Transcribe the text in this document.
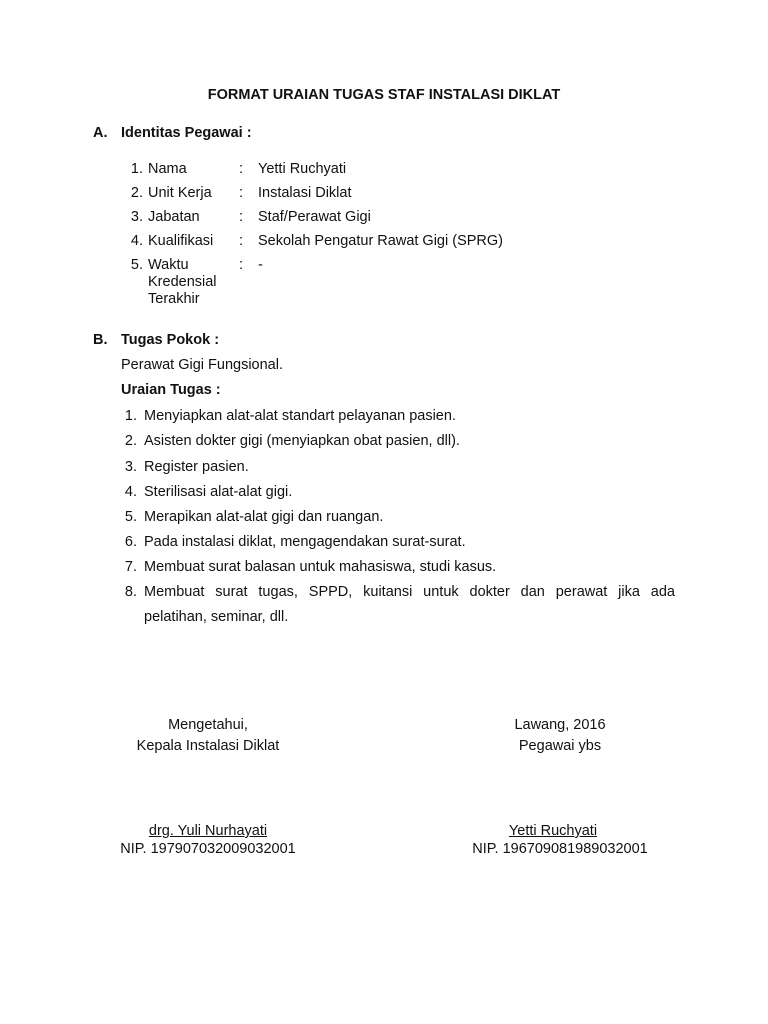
FORMAT URAIAN TUGAS STAF INSTALASI DIKLAT
A. Identitas Pegawai :
1. Nama	: Yetti Ruchyati
2. Unit Kerja : Instalasi Diklat
3. Jabatan	: Staf/Perawat Gigi
4. Kualifikasi : Sekolah Pengatur Rawat Gigi (SPRG)
5. Waktu
Kredensial
Terakhir
: -
B. Tugas Pokok :
Perawat Gigi Fungsional.
Uraian Tugas :
1. Menyiapkan alat-alat standart pelayanan pasien.
2. Asisten dokter gigi (menyiapkan obat pasien, dll).
3. Register pasien.
4. Sterilisasi alat-alat gigi.
5. Merapikan alat-alat gigi dan ruangan.
6. Pada instalasi diklat, mengagendakan surat-surat.
7. Membuat surat balasan untuk mahasiswa, studi kasus.
8. Membuat surat tugas, SPPD, kuitansi untuk dokter dan perawat jika ada
pelatihan, seminar, dll.
Mengetahui,
Kepala Instalasi Diklat
drg. Yuli Nurhayati
NIP. 197907032009032001
Lawang, 2016
Pegawai ybs
Yetti Ruchyati
NIP. 196709081989032001
